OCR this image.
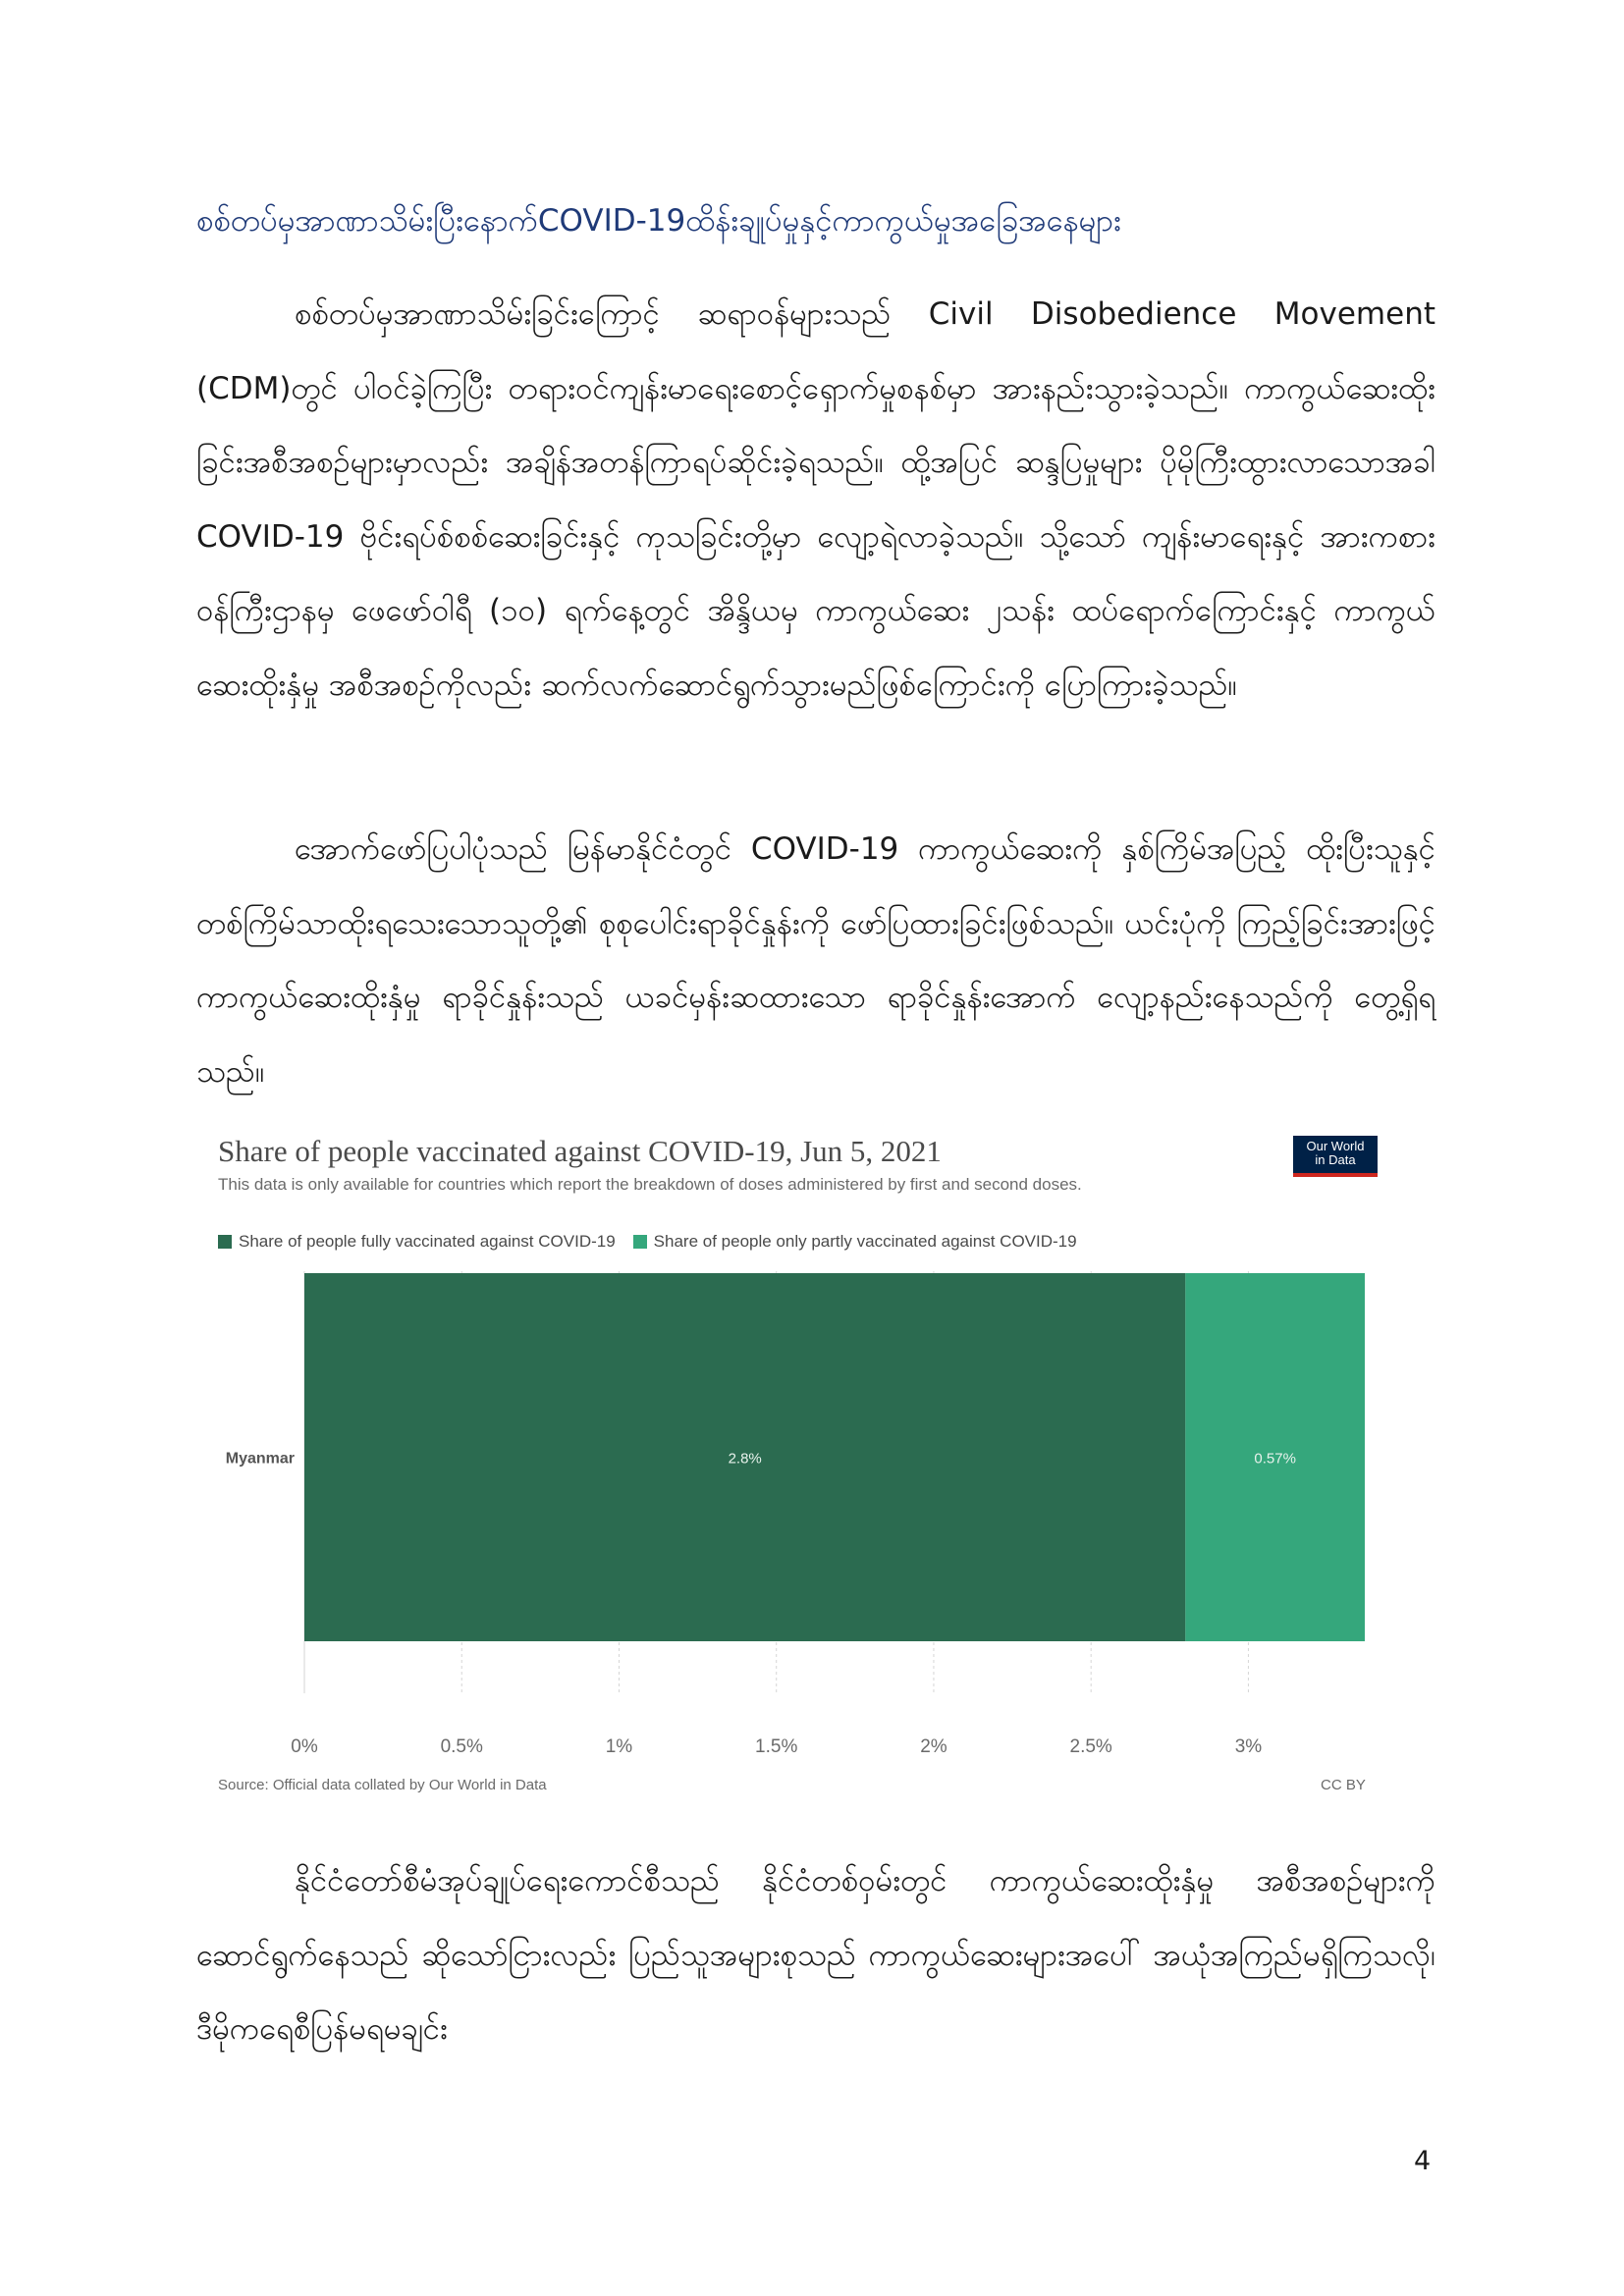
စစ်တပ်မှအာဏာသိမ်းပြီးနောက်COVID-19ထိန်းချုပ်မှုနှင့်ကာကွယ်မှုအခြေအနေများ
စစ်တပ်မှအာဏာသိမ်းခြင်းကြောင့် ဆရာဝန်များသည် Civil Disobedience Movement (CDM)တွင် ပါဝင်ခဲ့ကြပြီး တရားဝင်ကျန်းမာရေးစောင့်ရှောက်မှုစနစ်မှာ အားနည်းသွားခဲ့သည်။ ကာကွယ်ဆေးထိုးခြင်းအစီအစဉ်များမှာလည်း အချိန်အတန်ကြာရပ်ဆိုင်းခဲ့ရသည်။ ထို့အပြင် ဆန္ဒပြမှုများ ပိုမိုကြီးထွားလာသောအခါ COVID-19 ဗိုင်းရပ်စ်စစ်ဆေးခြင်းနှင့် ကုသခြင်းတို့မှာ လျော့ရဲလာခဲ့သည်။ သို့သော် ကျန်းမာရေးနှင့် အားကစားဝန်ကြီးဌာနမှ ဖေဖော်ဝါရီ (၁၀) ရက်နေ့တွင် အိန္ဒိယမှ ကာကွယ်ဆေး ၂သန်း ထပ်ရောက်ကြောင်းနှင့် ကာကွယ် ဆေးထိုးနှံမှု အစီအစဉ်ကိုလည်း ဆက်လက်ဆောင်ရွက်သွားမည်ဖြစ်ကြောင်းကို ပြောကြားခဲ့သည်။
အောက်ဖော်ပြပါပုံသည် မြန်မာနိုင်ငံတွင် COVID-19 ကာကွယ်ဆေးကို နှစ်ကြိမ်အပြည့် ထိုးပြီးသူနှင့် တစ်ကြိမ်သာထိုးရသေးသောသူတို့၏ စုစုပေါင်းရာခိုင်နှုန်းကို ဖော်ပြထားခြင်းဖြစ်သည်။ ယင်းပုံကို ကြည့်ခြင်းအားဖြင့် ကာကွယ်ဆေးထိုးနှံမှု ရာခိုင်နှုန်းသည် ယခင်မှန်းဆထားသော ရာခိုင်နှုန်းအောက် လျော့နည်းနေသည်ကို တွေ့ရှိရသည်။
Share of people vaccinated against COVID-19, Jun 5, 2021
This data is only available for countries which report the breakdown of doses administered by first and second doses.
Our World
in Data
Share of people fully vaccinated against COVID-19 Share of people only partly vaccinated against COVID-19
0%	0.5%	1%	1.5%	2%	2.5%	3%
2.8%	0.57%
Myanmar
Source: Official data collated by Our World in Data	CC BY
နိုင်ငံတော်စီမံအုပ်ချုပ်ရေးကောင်စီသည် နိုင်ငံတစ်ဝှမ်းတွင် ကာကွယ်ဆေးထိုးနှံမှု အစီအစဉ်များကို ဆောင်ရွက်နေသည် ဆိုသော်ငြားလည်း ပြည်သူအများစုသည် ကာကွယ်ဆေးများအပေါ် အယုံအကြည်မရှိကြသလို၊ ဒီမိုကရေစီပြန်မရမချင်း
4
